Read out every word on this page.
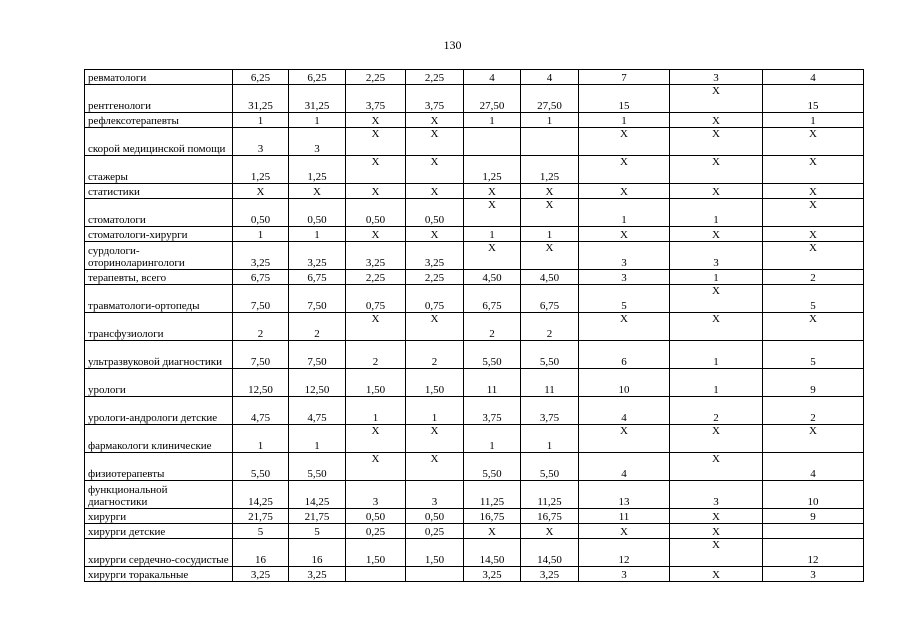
130
ревматологи	6,25	6,25	2,25	2,25	4	4	7	3	4
рентгенологи	31,25	31,25	3,75	3,75	27,50	27,50	15	X	15
рефлексотерапевты	1	1	X	X	1	1	1	X	1
скорой медицинской помощи	3	3	X	X			X	X	X
стажеры	1,25	1,25	X	X	1,25	1,25	X	X	X
статистики	X	X	X	X	X	X	X	X	X
стоматологи	0,50	0,50	0,50	0,50	X	X	1	1	X
стоматологи-хирурги	1	1	X	X	1	1	X	X	X
сурдологи-оториноларингологи	3,25	3,25	3,25	3,25	X	X	3	3	X
терапевты, всего	6,75	6,75	2,25	2,25	4,50	4,50	3	1	2
травматологи-ортопеды	7,50	7,50	0,75	0,75	6,75	6,75	5	X	5
трансфузиологи	2	2	X	X	2	2	X	X	X
ультразвуковой диагностики	7,50	7,50	2	2	5,50	5,50	6	1	5
урологи	12,50	12,50	1,50	1,50	11	11	10	1	9
урологи-андрологи детские	4,75	4,75	1	1	3,75	3,75	4	2	2
фармакологи клинические	1	1	X	X	1	1	X	X	X
физиотерапевты	5,50	5,50	X	X	5,50	5,50	4	X	4
функциональной диагностики	14,25	14,25	3	3	11,25	11,25	13	3	10
хирурги	21,75	21,75	0,50	0,50	16,75	16,75	11	X	9
хирурги детские	5	5	0,25	0,25	X	X	X	X	
хирурги сердечно-сосудистые	16	16	1,50	1,50	14,50	14,50	12	X	12
хирурги торакальные	3,25	3,25			3,25	3,25	3	X	3
